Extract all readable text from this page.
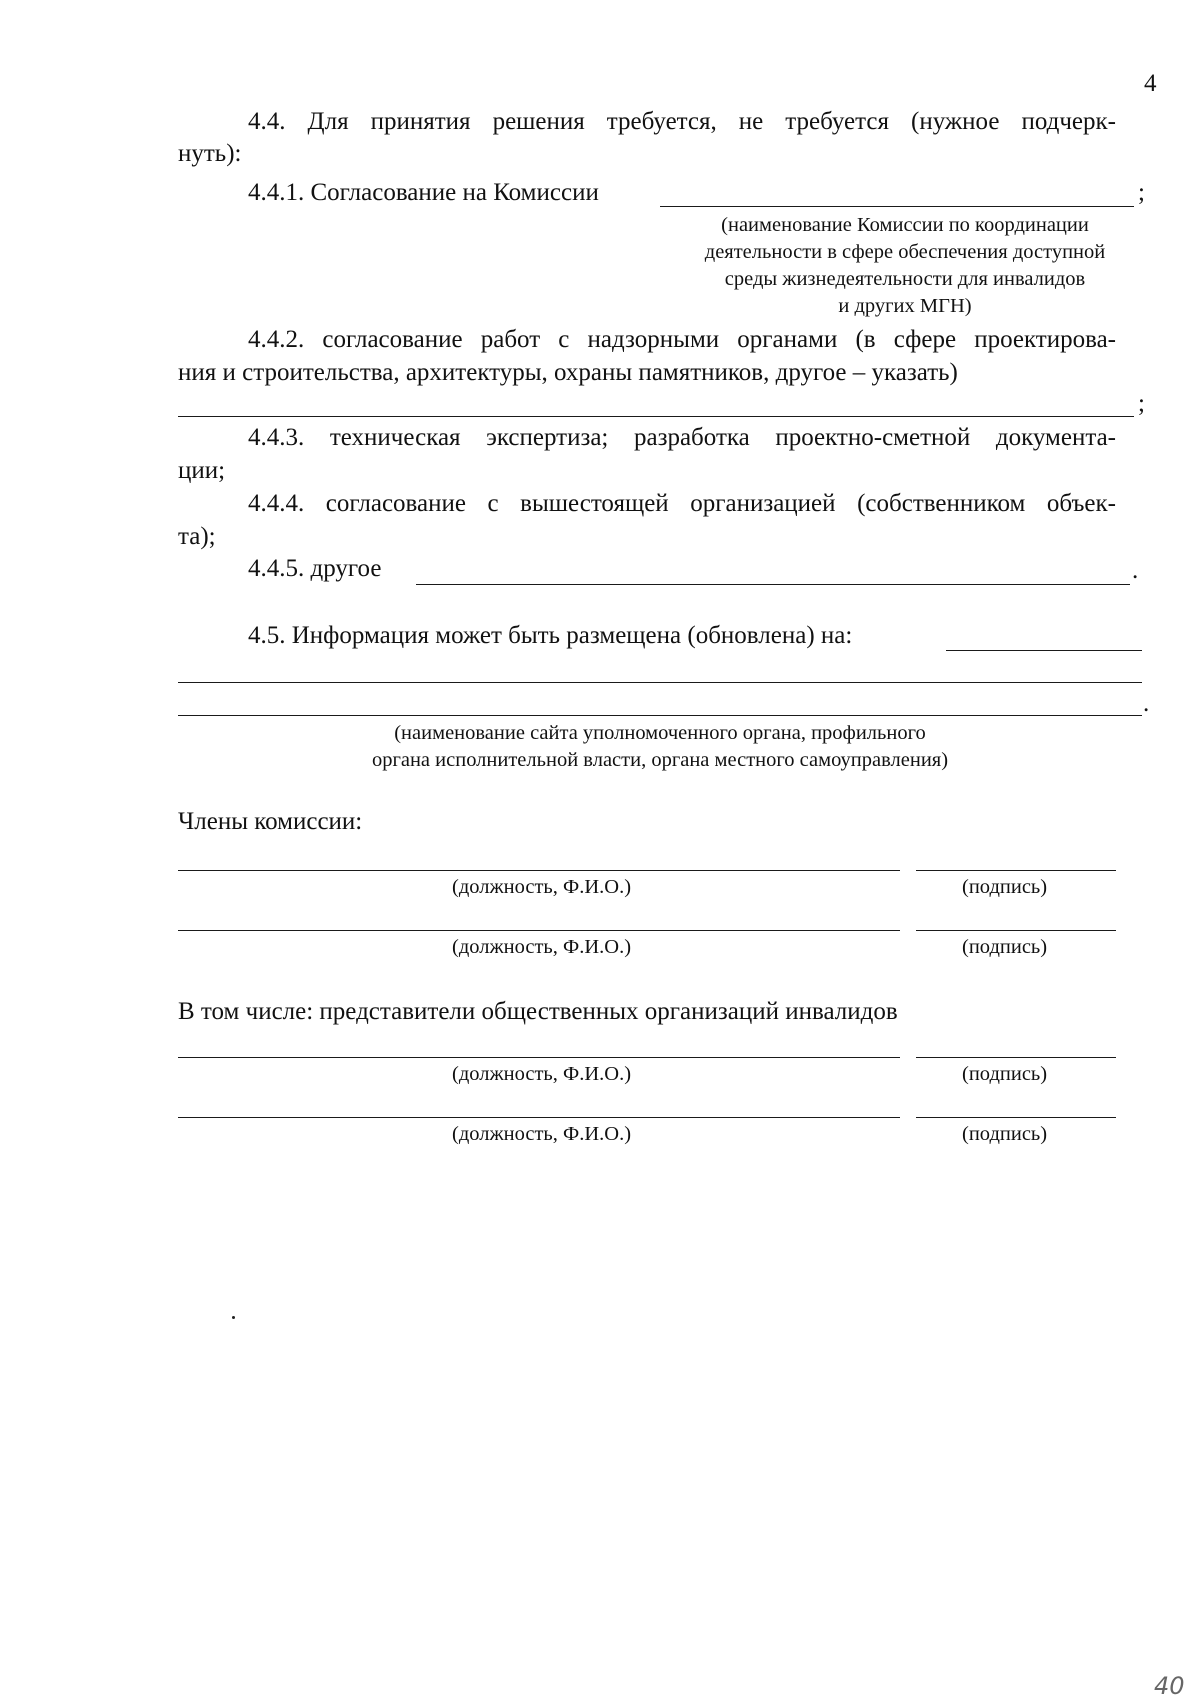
4
4.4. Для принятия решения требуется, не требуется (нужное подчерк-
нуть):
4.4.1. Согласование на Комиссии	;
(наименование Комиссии по координации
деятельности в сфере обеспечения доступной
среды жизнедеятельности для инвалидов
и других МГН)
4.4.2. согласование работ с надзорными органами (в сфере проектирова-
ния и строительства, архитектуры, охраны памятников, другое – указать)
;
4.4.3. техническая экспертиза; разработка проектно-сметной документа-
ции;
4.4.4. согласование с вышестоящей организацией (собственником объек-
та);
4.4.5. другое	.
4.5. Информация может быть размещена (обновлена) на:
.
(наименование сайта уполномоченного органа, профильного
органа исполнительной власти, органа местного самоуправления)
Члены комиссии:
(должность, Ф.И.О.)	(подпись)
(должность, Ф.И.О.)	(подпись)
В том числе: представители общественных организаций инвалидов
(должность, Ф.И.О.)	(подпись)
(должность, Ф.И.О.)	(подпись)
40
